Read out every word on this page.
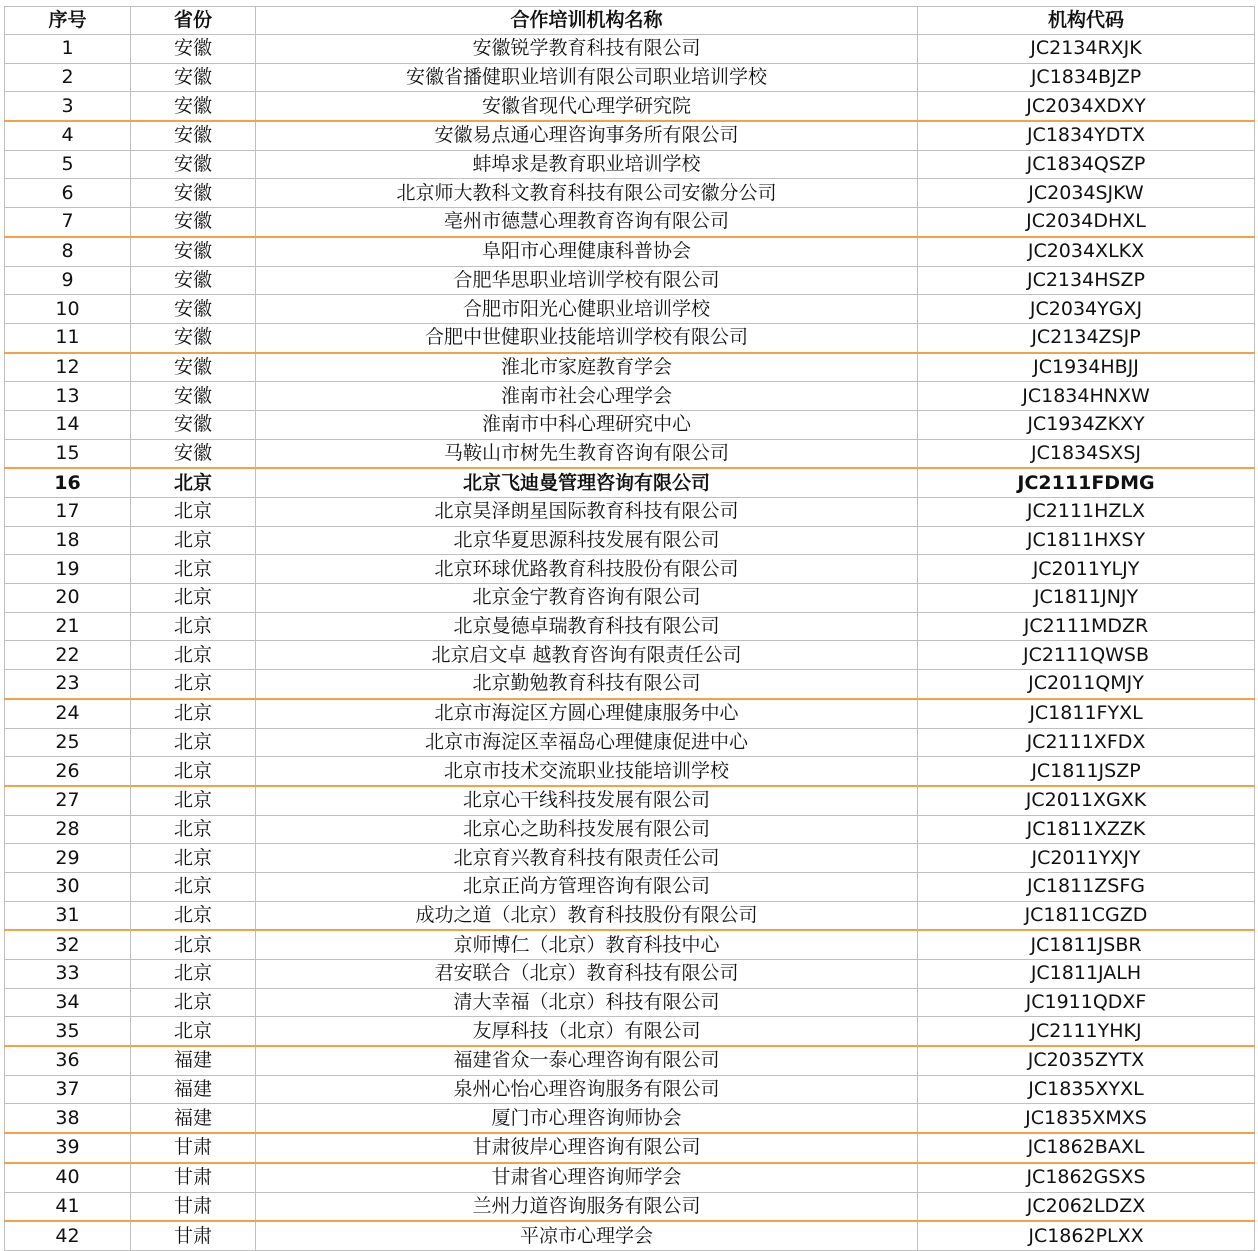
序号	省份	合作培训机构名称	机构代码
1	安徽	安徽锐学教育科技有限公司	JC2134RXJK
2	安徽	安徽省播健职业培训有限公司职业培训学校	JC1834BJZP
3	安徽	安徽省现代心理学研究院	JC2034XDXY
4	安徽	安徽易点通心理咨询事务所有限公司	JC1834YDTX
5	安徽	蚌埠求是教育职业培训学校	JC1834QSZP
6	安徽	北京师大教科文教育科技有限公司安徽分公司	JC2034SJKW
7	安徽	亳州市德慧心理教育咨询有限公司	JC2034DHXL
8	安徽	阜阳市心理健康科普协会	JC2034XLKX
9	安徽	合肥华思职业培训学校有限公司	JC2134HSZP
10	安徽	合肥市阳光心健职业培训学校	JC2034YGXJ
11	安徽	合肥中世健职业技能培训学校有限公司	JC2134ZSJP
12	安徽	淮北市家庭教育学会	JC1934HBJJ
13	安徽	淮南市社会心理学会	JC1834HNXW
14	安徽	淮南市中科心理研究中心	JC1934ZKXY
15	安徽	马鞍山市树先生教育咨询有限公司	JC1834SXSJ
16	北京	北京飞迪曼管理咨询有限公司	JC2111FDMG
17	北京	北京昊泽朗星国际教育科技有限公司	JC2111HZLX
18	北京	北京华夏思源科技发展有限公司	JC1811HXSY
19	北京	北京环球优路教育科技股份有限公司	JC2011YLJY
20	北京	北京金宁教育咨询有限公司	JC1811JNJY
21	北京	北京曼德卓瑞教育科技有限公司	JC2111MDZR
22	北京	北京启文卓 越教育咨询有限责任公司	JC2111QWSB
23	北京	北京勤勉教育科技有限公司	JC2011QMJY
24	北京	北京市海淀区方圆心理健康服务中心	JC1811FYXL
25	北京	北京市海淀区幸福岛心理健康促进中心	JC2111XFDX
26	北京	北京市技术交流职业技能培训学校	JC1811JSZP
27	北京	北京心干线科技发展有限公司	JC2011XGXK
28	北京	北京心之助科技发展有限公司	JC1811XZZK
29	北京	北京育兴教育科技有限责任公司	JC2011YXJY
30	北京	北京正尚方管理咨询有限公司	JC1811ZSFG
31	北京	成功之道（北京）教育科技股份有限公司	JC1811CGZD
32	北京	京师博仁（北京）教育科技中心	JC1811JSBR
33	北京	君安联合（北京）教育科技有限公司	JC1811JALH
34	北京	清大幸福（北京）科技有限公司	JC1911QDXF
35	北京	友厚科技（北京）有限公司	JC2111YHKJ
36	福建	福建省众一泰心理咨询有限公司	JC2035ZYTX
37	福建	泉州心怡心理咨询服务有限公司	JC1835XYXL
38	福建	厦门市心理咨询师协会	JC1835XMXS
39	甘肃	甘肃彼岸心理咨询有限公司	JC1862BAXL
40	甘肃	甘肃省心理咨询师学会	JC1862GSXS
41	甘肃	兰州力道咨询服务有限公司	JC2062LDZX
42	甘肃	平凉市心理学会	JC1862PLXX
